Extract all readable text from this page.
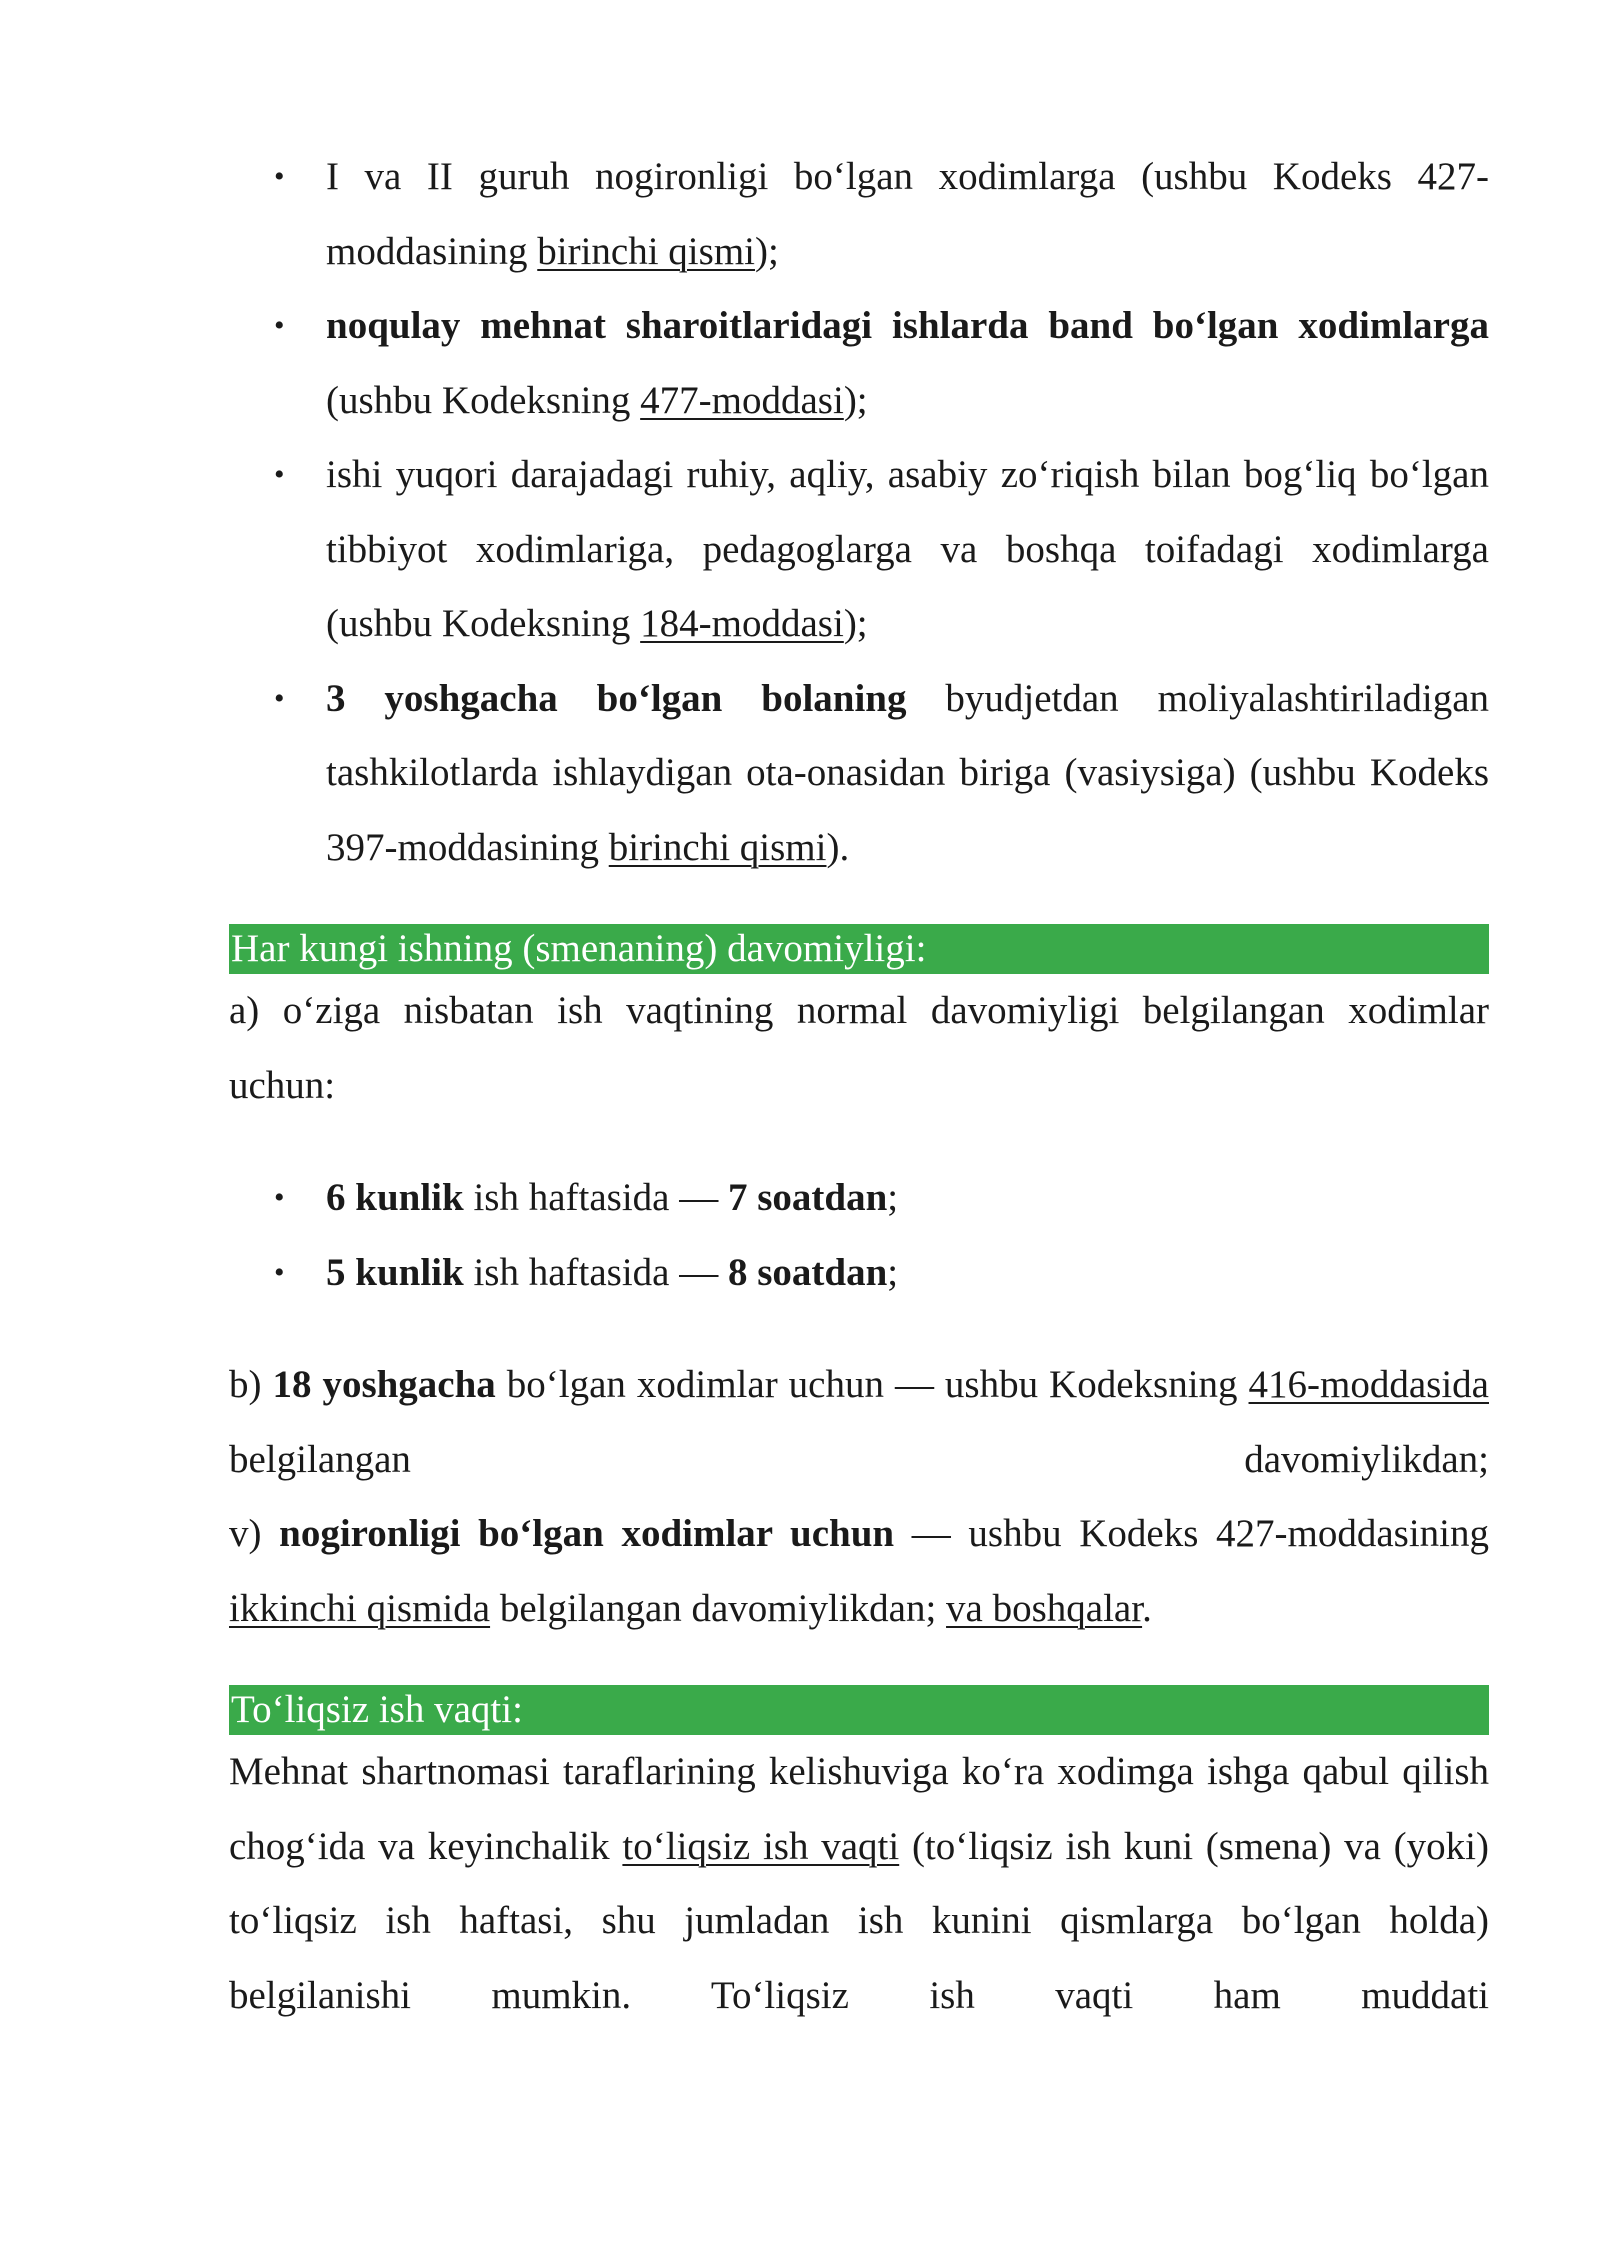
• I va II guruh nogironligi bo‘lgan xodimlarga (ushbu Kodeks 427-moddasining birinchi qismi);
• noqulay mehnat sharoitlaridagi ishlarda band bo‘lgan xodimlarga (ushbu Kodeksning 477-moddasi);
• ishi yuqori darajadagi ruhiy, aqliy, asabiy zo‘riqish bilan bog‘liq bo‘lgan tibbiyot xodimlariga, pedagoglarga va boshqa toifadagi xodimlarga (ushbu Kodeksning 184-moddasi);
• 3 yoshgacha bo‘lgan bolaning byudjetdan moliyalashtiriladigan tashkilotlarda ishlaydigan ota-onasidan biriga (vasiysiga) (ushbu Kodeks 397-moddasining birinchi qismi).
Har kungi ishning (smenaning) davomiyligi:

a) o‘ziga nisbatan ish vaqtining normal davomiyligi belgilangan xodimlar uchun:

• 6 kunlik ish haftasida — 7 soatdan;
• 5 kunlik ish haftasida — 8 soatdan;

b) 18 yoshgacha bo‘lgan xodimlar uchun — ushbu Kodeksning 416-moddasida belgilangan davomiylikdan;

v) nogironligi bo‘lgan xodimlar uchun — ushbu Kodeks 427-moddasining ikkinchi qismida belgilangan davomiylikdan; va boshqalar.

To‘liqsiz ish vaqti:

Mehnat shartnomasi taraflarining kelishuviga ko‘ra xodimga ishga qabul qilish chog‘ida va keyinchalik to‘liqsiz ish vaqti (to‘liqsiz ish kuni (smena) va (yoki) to‘liqsiz ish haftasi, shu jumladan ish kunini qismlarga bo‘lgan holda) belgilanishi mumkin. To‘liqsiz ish vaqti ham muddati
